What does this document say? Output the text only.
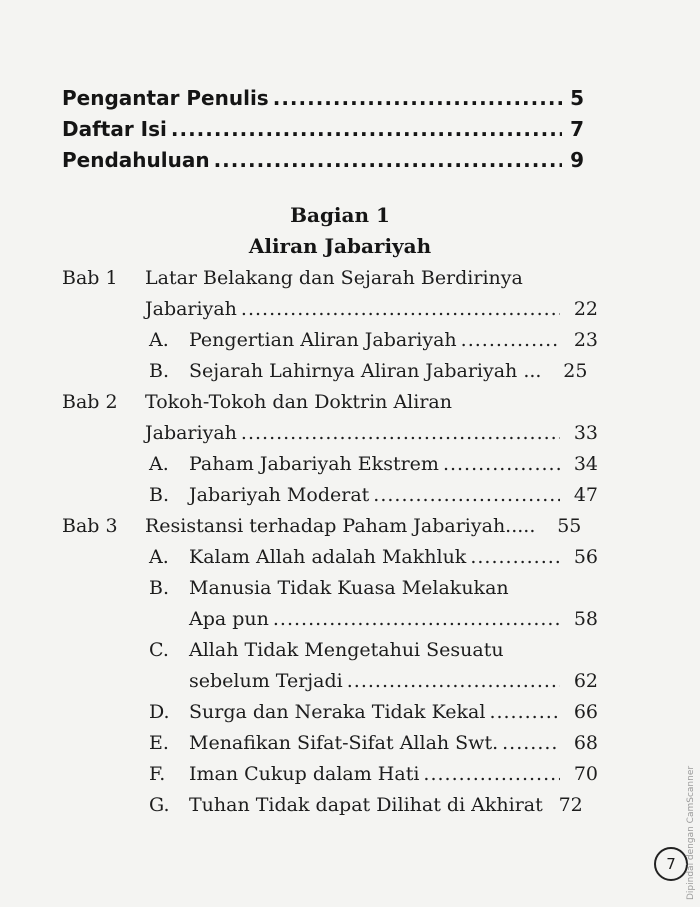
Pengantar Penulis .....	5
Daftar Isi .....	7
Pendahuluan .....	9
Bagian 1
Aliran Jabariyah
Bab 1 Latar Belakang dan Sejarah Berdirinya
Jabariyah .....	22
A.	Pengertian Aliran Jabariyah .....	23
B.	Sejarah Lahirnya Aliran Jabariyah ...	25
Bab 2 Tokoh-Tokoh dan Doktrin Aliran
Jabariyah .....	33
A.	Paham Jabariyah Ekstrem .....	34
B.	Jabariyah Moderat .....	47
Bab 3 Resistansi terhadap Paham Jabariyah.....	55
A.	Kalam Allah adalah Makhluk .....	56
B.	Manusia Tidak Kuasa Melakukan
Apa pun .....	58
C.	Allah Tidak Mengetahui Sesuatu
sebelum Terjadi .....	62
D. Surga dan Neraka Tidak Kekal .....	66
E.	Menafikan Sifat-Sifat Allah Swt. .....	68
F.	Iman Cukup dalam Hati .....	70
G. Tuhan Tidak dapat Dilihat di Akhirat 72
7	Dipindai dengan CamScanner
